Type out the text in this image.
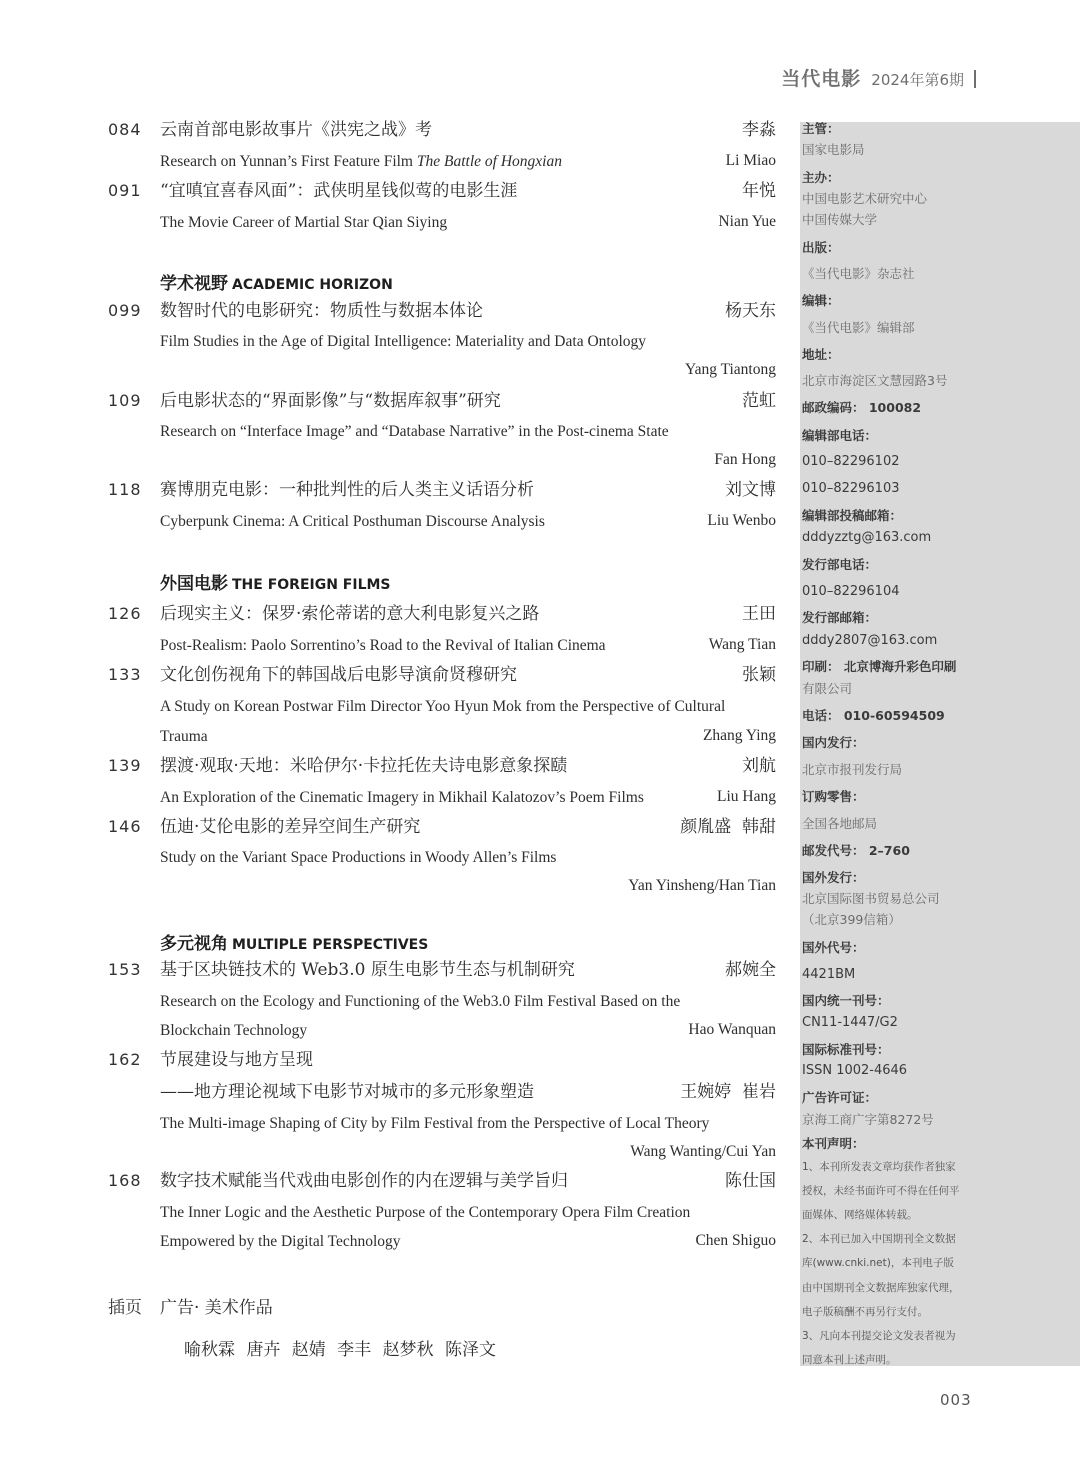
当代电影 2024年第6期
084	云南首部电影故事片《洪宪之战》考	李淼
Research on Yunnan’s First Feature Film The Battle of Hongxian	Li Miao
091	“宜嗔宜喜春风面”：武侠明星钱似莺的电影生涯	年悦
The Movie Career of Martial Star Qian Siying	Nian Yue
学术视野 ACADEMIC HORIZON
099	数智时代的电影研究：物质性与数据本体论	杨天东
Film Studies in the Age of Digital Intelligence: Materiality and Data Ontology
Yang Tiantong
109	后电影状态的“界面影像”与“数据库叙事”研究	范虹
Research on “Interface Image” and “Database Narrative” in the Post-cinema State
Fan Hong
118	赛博朋克电影：一种批判性的后人类主义话语分析	刘文博
Cyberpunk Cinema: A Critical Posthuman Discourse Analysis	Liu Wenbo
外国电影 THE FOREIGN FILMS
126	后现实主义：保罗·索伦蒂诺的意大利电影复兴之路	王田
Post-Realism: Paolo Sorrentino’s Road to the Revival of Italian Cinema	Wang Tian
133	文化创伤视角下的韩国战后电影导演俞贤穆研究	张颖
A Study on Korean Postwar Film Director Yoo Hyun Mok from the Perspective of Cultural
Trauma	Zhang Ying
139	摆渡·观取·天地：米哈伊尔·卡拉托佐夫诗电影意象探赜	刘航
An Exploration of the Cinematic Imagery in Mikhail Kalatozov’s Poem Films	Liu Hang
146	伍迪·艾伦电影的差异空间生产研究	颜胤盛  韩甜
Study on the Variant Space Productions in Woody Allen’s Films
Yan Yinsheng/Han Tian
多元视角 MULTIPLE PERSPECTIVES
153	基于区块链技术的 Web3.0 原生电影节生态与机制研究	郝婉全
Research on the Ecology and Functioning of the Web3.0 Film Festival Based on the
Blockchain Technology	Hao Wanquan
162	节展建设与地方呈现
——地方理论视域下电影节对城市的多元形象塑造	王婉婷  崔岩
The Multi-image Shaping of City by Film Festival from the Perspective of Local Theory
Wang Wanting/Cui Yan
168	数字技术赋能当代戏曲电影创作的内在逻辑与美学旨归	陈仕国
The Inner Logic and the Aesthetic Purpose of the Contemporary Opera Film Creation
Empowered by the Digital Technology	Chen Shiguo
插页	广告· 美术作品
喻秋霖 唐卉 赵婧 李丰 赵梦秋 陈泽文
主管：
国家电影局
主办：
中国电影艺术研究中心
中国传媒大学
出版：
《当代电影》杂志社
编辑：
《当代电影》编辑部
地址：
北京市海淀区文慧园路3号
邮政编码： 100082
编辑部电话：
010–82296102
010–82296103
编辑部投稿邮箱：
dddyzztg@163.com
发行部电话：
010–82296104
发行部邮箱：
dddy2807@163.com
印刷： 北京博海升彩色印刷
有限公司
电话： 010-60594509
国内发行：
北京市报刊发行局
订购零售：
全国各地邮局
邮发代号： 2–760
国外发行：
北京国际图书贸易总公司
（北京399信箱）
国外代号：
4421BM
国内统一刊号：
CN11-1447/G2
国际标准刊号：
ISSN 1002-4646
广告许可证：
京海工商广字第8272号
本刊声明：
1、本刊所发表文章均获作者独家
授权，未经书面许可不得在任何平
面媒体、网络媒体转载。
2、本刊已加入中国期刊全文数据
库(www.cnki.net)，本刊电子版
由中国期刊全文数据库独家代理，
电子版稿酬不再另行支付。
3、凡向本刊提交论文发表者视为
同意本刊上述声明。
003
